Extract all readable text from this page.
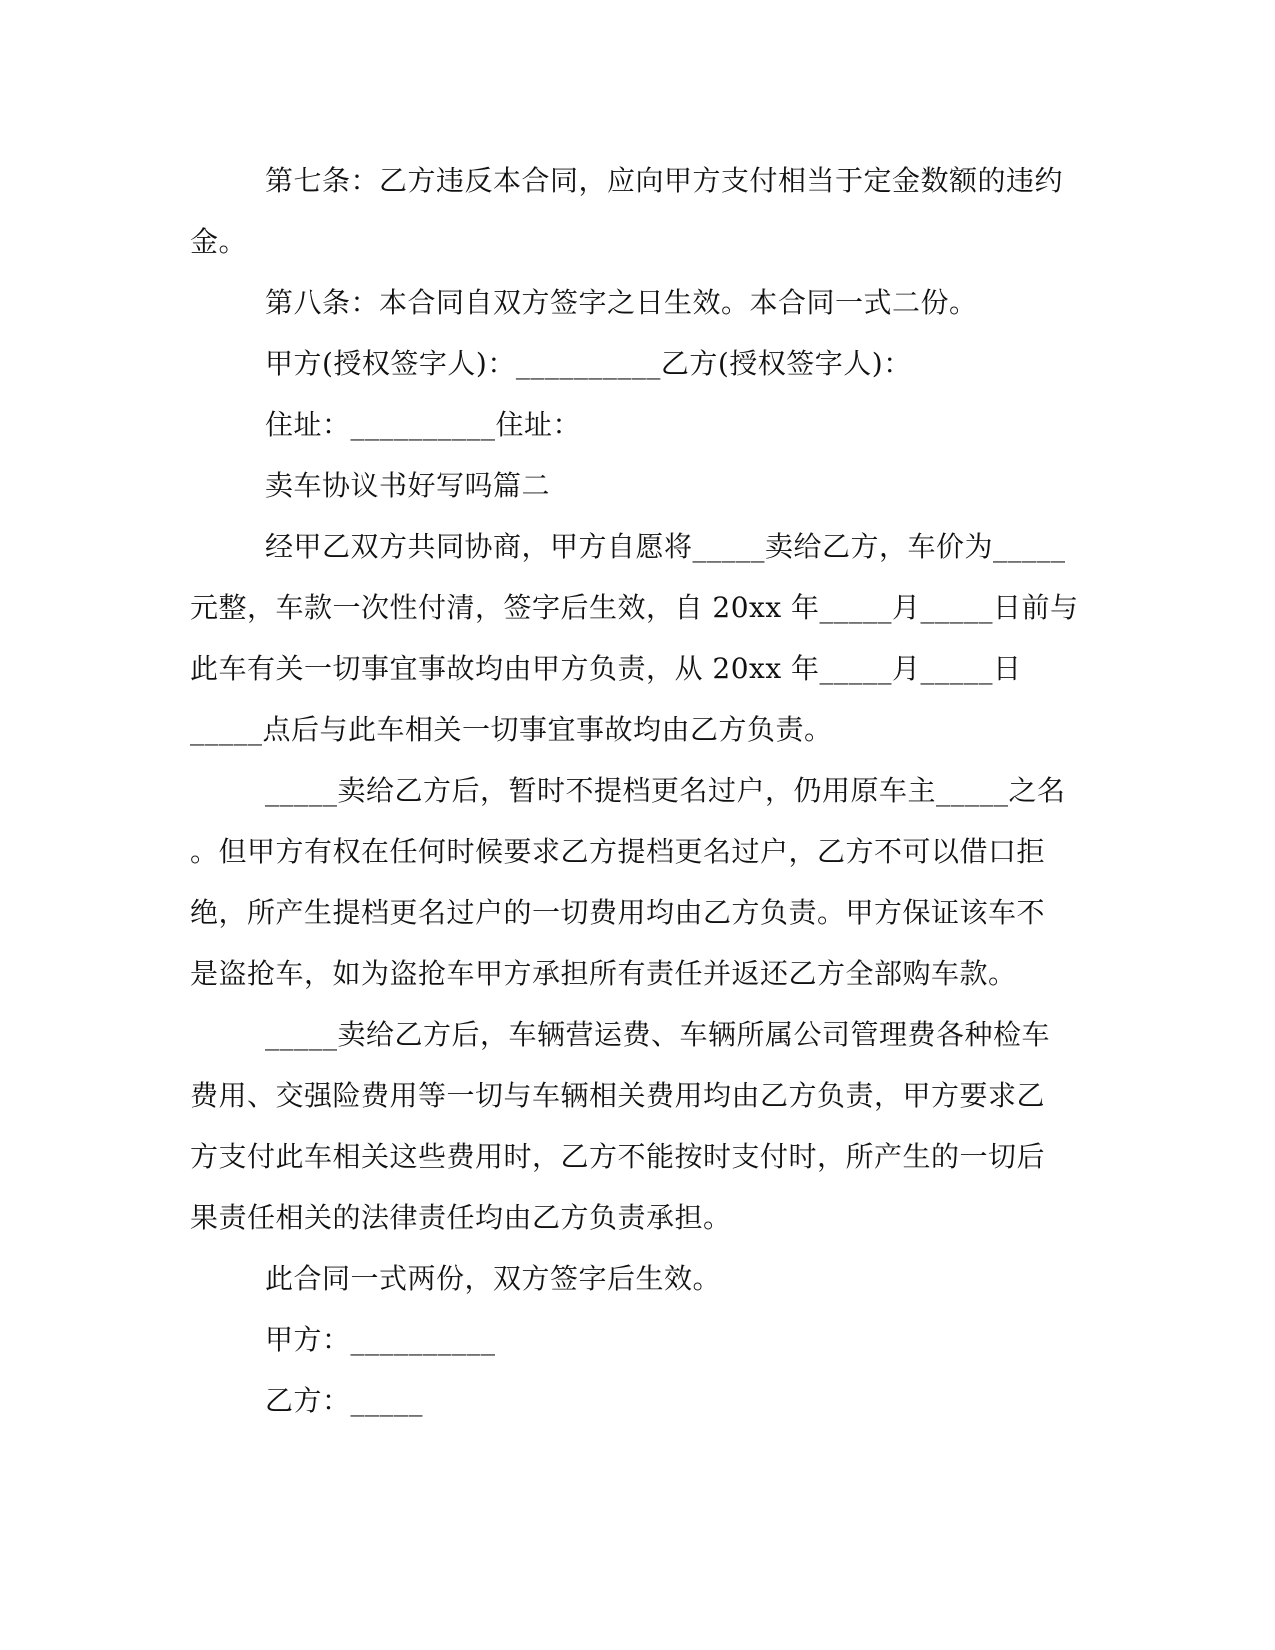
第七条：乙方违反本合同，应向甲方支付相当于定金数额的违约
金。
第八条：本合同自双方签字之日生效。本合同一式二份。
甲方(授权签字人)：__________乙方(授权签字人)：
住址：__________住址：
卖车协议书好写吗篇二
经甲乙双方共同协商，甲方自愿将_____卖给乙方，车价为_____
元整，车款一次性付清，签字后生效，自 20xx 年_____月_____日前与
此车有关一切事宜事故均由甲方负责，从 20xx 年_____月_____日
_____点后与此车相关一切事宜事故均由乙方负责。
_____卖给乙方后，暂时不提档更名过户，仍用原车主_____之名
。但甲方有权在任何时候要求乙方提档更名过户，乙方不可以借口拒
绝，所产生提档更名过户的一切费用均由乙方负责。甲方保证该车不
是盗抢车，如为盗抢车甲方承担所有责任并返还乙方全部购车款。
_____卖给乙方后，车辆营运费、车辆所属公司管理费各种检车
费用、交强险费用等一切与车辆相关费用均由乙方负责，甲方要求乙
方支付此车相关这些费用时，乙方不能按时支付时，所产生的一切后
果责任相关的法律责任均由乙方负责承担。
此合同一式两份，双方签字后生效。
甲方：__________
乙方：_____
